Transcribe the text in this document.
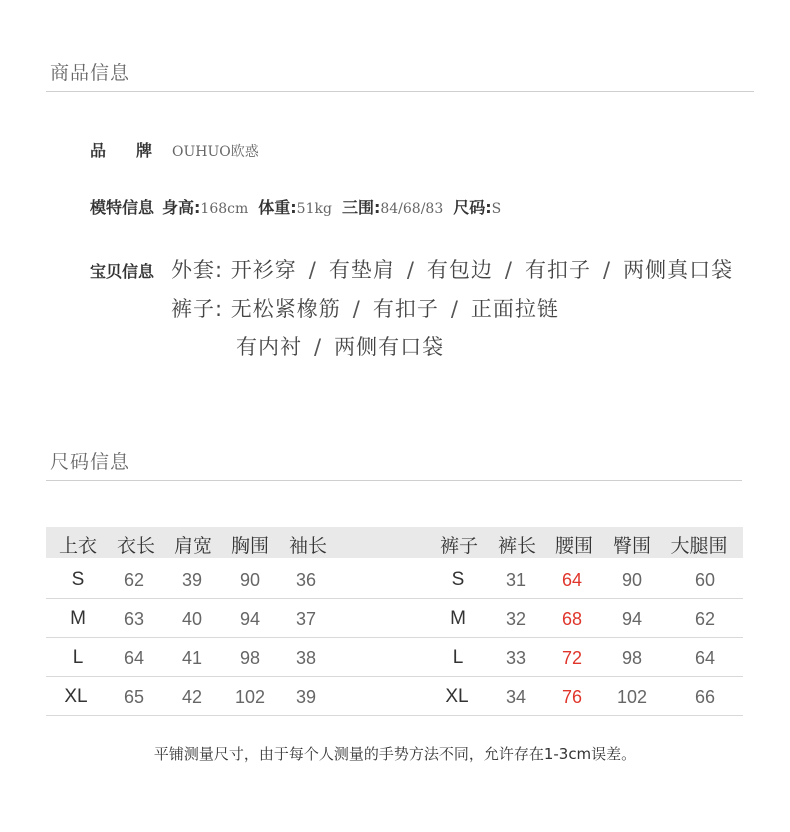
商品信息
品 牌	OUHUO欧惑
模特信息 身高: 168cm 体重: 51kg 三围: 84/68/83 尺码: S
宝贝信息 外套: 开衫穿 / 有垫肩 / 有包边 / 有扣子 / 两侧真口袋
裤子: 无松紧橡筋 / 有扣子 / 正面拉链
有内衬 / 两侧有口袋
尺码信息
上衣 衣长 肩宽 胸围 袖长	裤子 裤长 腰围 臀围 大腿围
S 62 39 90 36	S 31 64 90	60
M 63 40 94 37	M 32 68 94	62
L 64 41 98 38	L 33 72 98	64
XL 65 42 102 39	XL 34 76 102	66
平铺测量尺寸，由于每个人测量的手势方法不同，允许存在1-3cm误差。
